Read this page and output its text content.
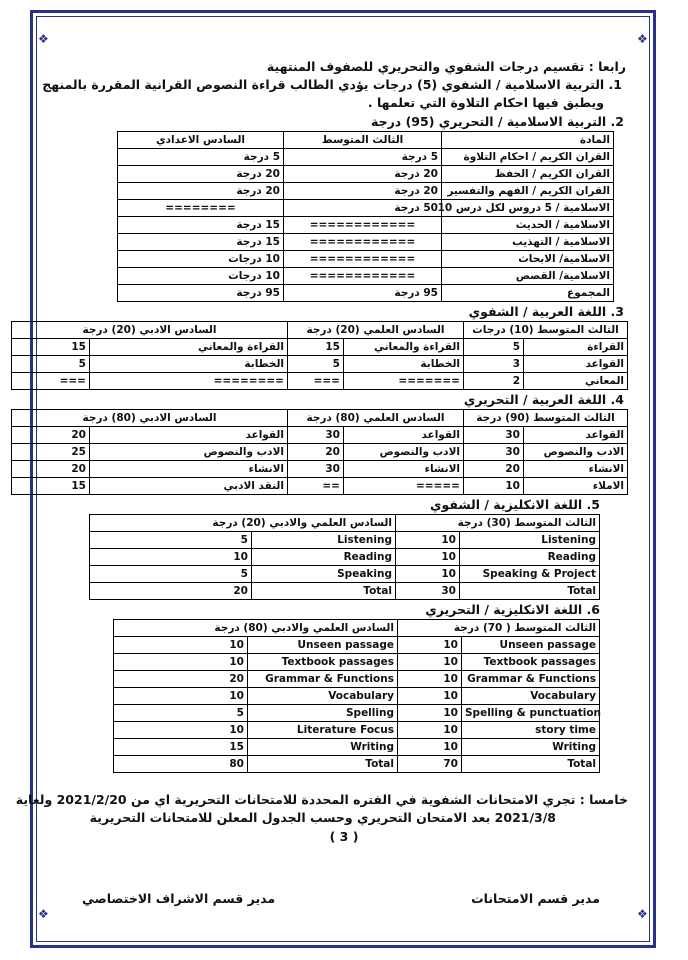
❖	❖
❖	❖
رابعا : تقسيم درجات الشفوي والتحريري للصفوف المنتهية
1. التربية الاسلامية / الشفوي (5) درجات يؤدي الطالب قراءة النصوص القرانية المقررة بالمنهج
ويطبق فيها احكام التلاوة التي تعلمها .
2. التربية الاسلامية / التحريري (95) درجة
المادة	الثالث المتوسط	السادس الاعدادي
القران الكريم / احكام التلاوة	5 درجة	5 درجة
القران الكريم / الحفظ	20 درجة	20 درجة
القران الكريم / الفهم والتفسير	20 درجة	20 درجة
الاسلامية / 5 دروس لكل درس 10	50 درجة	========
الاسلامية / الحديث	============	15 درجة
الاسلامية / التهذيب	============	15 درجة
الاسلامية/ الابحاث	============	10 درجات
الاسلامية/ القصص	============	10 درجات
المجموع	95 درجة	95 درجة
3. اللغة العربية / الشفوي
الثالث المتوسط (10) درجات		السادس العلمي (20) درجة		السادس الادبي (20) درجة	
القراءة	5	القراءة والمعاني	15	القراءة والمعاني	15
القواعد	3	الخطابة	5	الخطابة	5
المعاني	2	=======	===	========	===
4. اللغة العربية / التحريري
الثالث المتوسط (90) درجة		السادس العلمي (80) درجة		السادس الادبي (80) درجة	
القواعد	30	القواعد	30	القواعد	20
الادب والنصوص	30	الادب والنصوص	20	الادب والنصوص	25
الانشاء	20	الانشاء	30	الانشاء	20
الاملاء	10	=====	==	النقد الادبي	15
5. اللغة الانكليزية / الشفوي
الثالث المتوسط (30) درجة		السادس العلمي والادبي (20) درجة	
Listening	10	Listening	5
Reading	10	Reading	10
Speaking & Project	10	Speaking	5
Total	30	Total	20
6. اللغة الانكليزية / التحريري
الثالث المتوسط ( 70) درجة		السادس العلمي والادبي (80) درجة	
Unseen passage	10	Unseen passage	10
Textbook passages	10	Textbook passages	10
Grammar & Functions	10	Grammar & Functions	20
Vocabulary	10	Vocabulary	10
Spelling & punctuation	10	Spelling	5
story time	10	Literature Focus	10
Writing	10	Writing	15
Total	70	Total	80
خامسا : تجري الامتحانات الشفوية في الفتره المحددة للامتحانات التحريرية اي من 2021/2/20 ولغاية
2021/3/8 بعد الامتحان التحريري وحسب الجدول المعلن للامتحانات التحريرية
( 3 )
مدير قسم الامتحانات
مدير قسم الاشراف الاختصاصي
